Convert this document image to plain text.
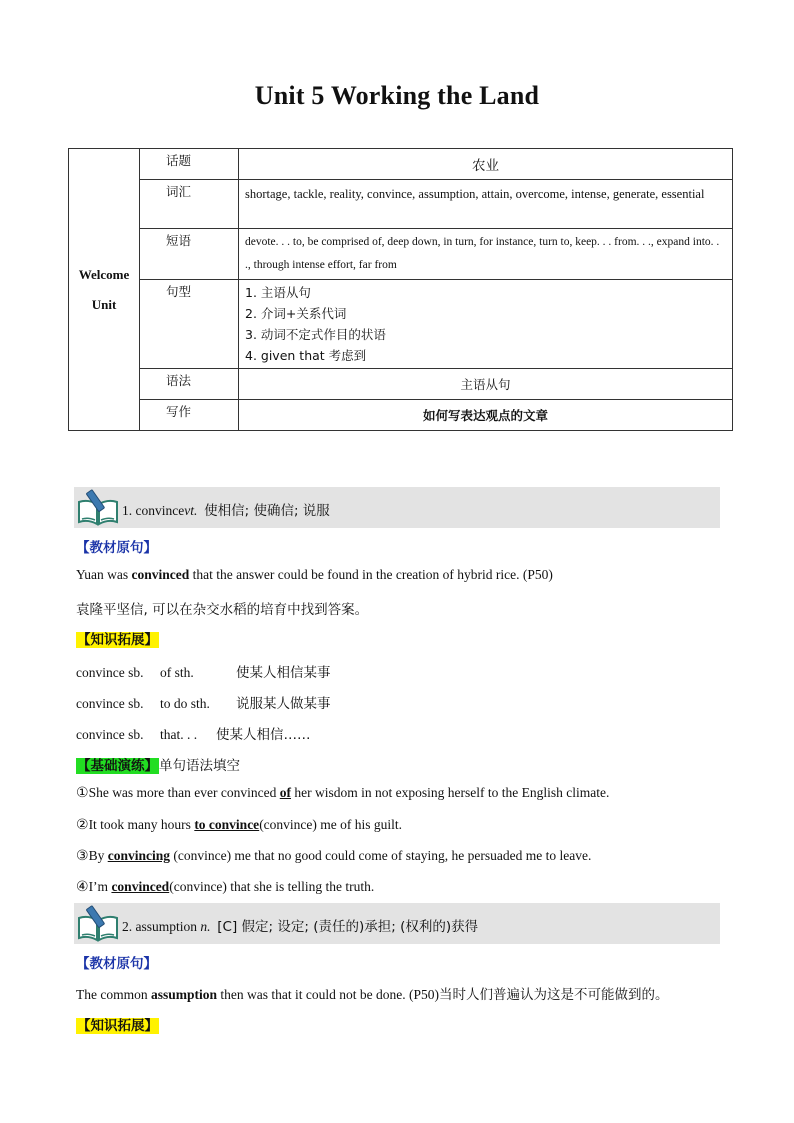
Unit 5 Working the Land
Welcome
Unit	话题	农业
	词汇	shortage, tackle, reality, convince, assumption, attain, overcome, intense, generate, essential
	短语	devote. . . to, be comprised of, deep down, in turn, for instance, turn to, keep. . . from. . ., expand into. . ., through intense effort, far from
	句型	1. 主语从句
2. 介词+关系代词
3. 动词不定式作目的状语
4. given that 考虑到

	语法	主语从句
	写作	如何写表达观点的文章
1. convincevt. 使相信; 使确信; 说服
【教材原句】
Yuan was convinced that the answer could be found in the creation of hybrid rice. (P50)
袁隆平坚信, 可以在杂交水稻的培育中找到答案。
【知识拓展】
convince sb. of sth.	使某人相信某事
convince sb. to do sth. 说服某人做某事
convince sb. that. . . 使某人相信……
【基础演练】单句语法填空
①She was more than ever convinced of her wisdom in not exposing herself to the English climate.
②It took many hours to convince(convince) me of his guilt.
③By convincing (convince) me that no good could come of staying, he persuaded me to leave.
④I’m convinced(convince) that she is telling the truth.
2. assumption n. [C] 假定; 设定; (责任的)承担; (权利的)获得
【教材原句】
The common assumption then was that it could not be done. (P50)当时人们普遍认为这是不可能做到的。
【知识拓展】
